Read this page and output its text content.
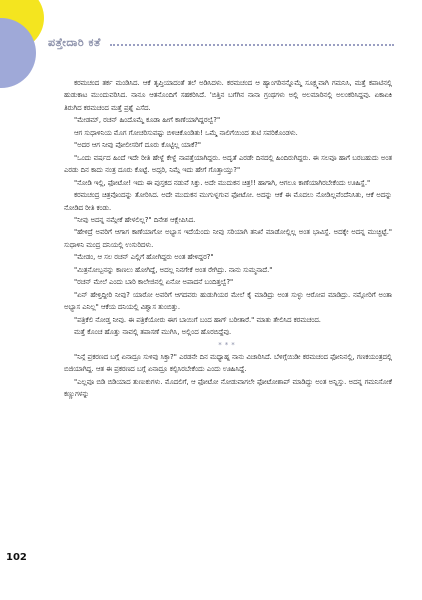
ಪತ್ತೇದಾರಿ ಕತೆ

ಕರಮಚಂದ ತರ್ಕ ಮಂಡಿಸಿದ. ಆಕೆ ತೃಪ್ತಿಯಾದಂತೆ ತಲೆ ಅಡಿಸಿದಳು. ಕರಮಚಂದ ಆ ಹ್ಯಾಂಗರಿನನ್ನೊಮ್ಮೆ ಸೂಕ್ಷ್ಮವಾಗಿ ಗಮನಿಸಿ, ಮತ್ತೆ ಕಪಾಟಿನಲ್ಲಿ ಹುಡುಕಾಟ ಮುಂದುವರಿಸಿದ. ನಾನೂ ಆತನೊಂದಿಗೆ ಸಹಕರಿಸಿದೆ. 'ಬಿತ್ತಿನ ಬಗೆಗಿನ ನಾನಾ ಗ್ರಂಥಗಳು ಅಲ್ಲಿ ಅಲಮಾರಿನಲ್ಲಿ ಅಲಂಕರಿಸಿದ್ದವು. ಏಕಾಏಕಿ ತಿರುಗಿದ ಕರಮಚಂದ ಮತ್ತೆ ಪ್ರಶ್ನೆ ಎಸೆದ.

"ಮೇಡಮ್, ರಚನ್ ಹಿಂದೊಮ್ಮೆ ಕೂಡಾ ಹೀಗೆ ಕಾಣೆಯಾಗಿದ್ದರಲ್ವೆ?"

ಆಗ ಸುಧಾಳಿನಿಯ ಮೊಗ ಗೋಚರಿಸುವಷ್ಟು ಬಿಳಿಚಿಕೊಂಡಿತು! ಒಮ್ಮೆ ನಾಲಿಗೆಯಿಂದ ತುಟಿ ಸವರಿಕೊಂಡಳು.

"ಅದರ ಆಗ ನೀವು ಪೋಲೀಸರಿಗೆ ದೂರು ಕೊಟ್ಟಿಲ್ಲ ಯಾಕೆ?"

"ಒಂದು ವರ್ಷದ ಹಿಂದೆ ಇದೇ ರೀತಿ ಹೇಳ್ದೆ ಕೇಳ್ದೆ ನಾಪತ್ತೆಯಾಗಿದ್ದರು. ಅದೃತೆ ಎರಡೇ ದಿನದಲ್ಲಿ ಹಿಂದಿರುಗಿದ್ದರು. ಈ ಸಲವೂ ಹಾಗೆ ಬರಬಹುದು ಅಂತ ಎರಡು ದಿನ ಕಾದು ನಂತ್ರ ದೂರು ಕೊಟ್ಟೆ. ಅದ್ಸರಿ, ನಿಮ್ಗೆ ಇದು ಹೇಗೆ ಗೊತ್ತಾಯ್ತು?"

"ನೋಡಿ ಇಲ್ಲಿ, ಫೋಟೋ! ಇದು ಈ ಪುಸ್ತಕದ ನಡುವೆ ಸಿಕ್ತು. ಅದೇ ಮುದುಕನ ಚಿತ್ರ!! ಹಾಗಾಗಿ, ಆಗಲೂ ಕಾಣೆಯಾಗಿರಬೇಕೆಂದು ಊಹಿಸ್ದೆ."

ಕರಮಚಂದ್ರ ಚಿತ್ರವೊಂದನ್ನು ತೋರಿಸಿದ. ಅದೇ ಮುದುಕನ ಮುಗುಳ್ನಗುವ ಫೋಟೋ. ಅದನ್ನು ಆಕೆ ಈ ಮೊದಲು ನೋಡಿಲ್ಲವೆಂದೆನಿಸಿತು, ಆಕೆ ಅದನ್ನು ನೋಡಿದ ರೀತಿ ಕಂಡು.

"ನೀವು ಅದನ್ನ ನಮ್ಗೇಕೆ ಹೇಳಲಿಲ್ಲ?" ದಿನೇಶ ಆಕ್ಷೇಪಿಸಿದ.

"ಹೇಳಿದ್ರೆ ಅವರಿಗೆ ಆಗಾಗ ಕಾಣೆಯಾಗೋ ಅಭ್ಯಾಸ ಇದೆಯೆಂದು ನೀವು ಸರಿಯಾಗಿ ತನಿಖೆ ಮಾಡೋಲ್ಲಿಲ್ಲ ಅಂತ ಭಾವಿಸ್ದೆ. ಅದಕ್ಕೇ ಅದನ್ನ ಮುಚ್ಚಿಟ್ಟೆ." ಸುಧಾಳಿನಿ ಮಂದ್ರ ದನಿಯಲ್ಲಿ ಉಸುರಿದಳು.

"ಮೇಡಂ, ಆ ಸಲ ರಚನ್ ಎಲ್ಲಿಗೆ ಹೋಗಿದ್ದರು ಅಂತ ಹೇಳಿದ್ದರ?"

"ಮಿತ್ರನೋಬ್ಬನನ್ನು ಕಾಣಲು ಹೋಗಿದ್ದೆ, ಅದಲ್ಲ ನಿನಗೇಕೆ ಅಂತ ರೇಗಿದ್ರು. ನಾನು ಸುಮ್ಮನಾದೆ."

"ರಚನ್ ಮೇಲೆ ಎಂದು ಬಾರಿ ಕಾಲೇಜಿನಲ್ಲಿ ಏನೋ ಅಪಾದನೆ ಬಂದಿತ್ತಲ್ವೆ?"

"ಏನ್ ಹೇಳ್ತಿದ್ದೀರಿ ನೀವು? ಯಾರೋ ಅವರಿಗೆ ಆಗದವರು ಹುಡುಗಿಯರ ಮೇಲೆ ಕೈ ಮಾಡಿದ್ರು ಅಂತ ಸುಳ್ಳು ಆರೋಪ ಮಾಡಿದ್ರು. ನಮ್ಗೋರಿಗೆ ಅಂತಾ ಅಭ್ಯಾಸ ಎನಿಲ್ಲ" ಆಕೆಯ ದನಿಯಲ್ಲಿ ವಿಶ್ವಾಸ ತುಂಬಿತ್ತು.

"ಪತ್ರಿಕೆಲಿ ನೋಡ್ತ ನೀವು. ಈ ಪತ್ರಿಕೆಯೋರು ಈಗ ಬಾಯಿಗೆ ಬಂದ ಹಾಗ್ ಬರೀತಾರೆ." ಮಾತು ತೇಲಿಸಿದ ಕರಮಚಂದ.

ಮತ್ತೆ ಕೊಂಚ ಹೊತ್ತು ನಾವಲ್ಲಿ ತಪಾಸಣೆ ಮುಗಿಸಿ, ಅಲ್ಲಿಂದ ಹೊರಬಿದ್ದೆವು.

***

"ನಿನ್ಗೆ ಪ್ರಕರಣದ ಬಗ್ಗೆ ಏನಾದ್ರೂ ಸುಳಿವು ಸಿಕ್ತಾ?" ಎರಡನೇ ದಿನ ಮಧ್ಯಾಹ್ನ ನಾನು ವಿಚಾರಿಸಿದೆ. ಬೆಳಿಗ್ಗೆಯಿಡೀ ಕರಮಚಂದ ಫೋನಿನಲ್ಲಿ, ಗಣಕಯಂತ್ರದಲ್ಲಿ ಬಿಜಿಯಾಗಿದ್ದ. ಆತ ಈ ಪ್ರಕರಣದ ಬಗ್ಗೆ ಏನಾದ್ರೂ ಕಲ್ಪಿಸಿರಬೇಕೆಂದು ಎಂದು ಊಹಿಸಿದ್ದೆ.

"ಎಲ್ಲವೂ ಬಿಡಿ ಬಿಡಿಯಾದ ತುಣುಕುಗಳು. ಮೊದಲಿಗೆ, ಆ ಫೋಟೋ ನೋಡುವಾಗಲೇ ಫೋಟೋಶಾಪ್ ಮಾಡಿದ್ದು ಅಂತ ಅನ್ನಿಸ್ತು. ಅದನ್ನ ಗಮನಿಸೋಕೆ ಕಣ್ಣುಗಳನ್ನು

102
